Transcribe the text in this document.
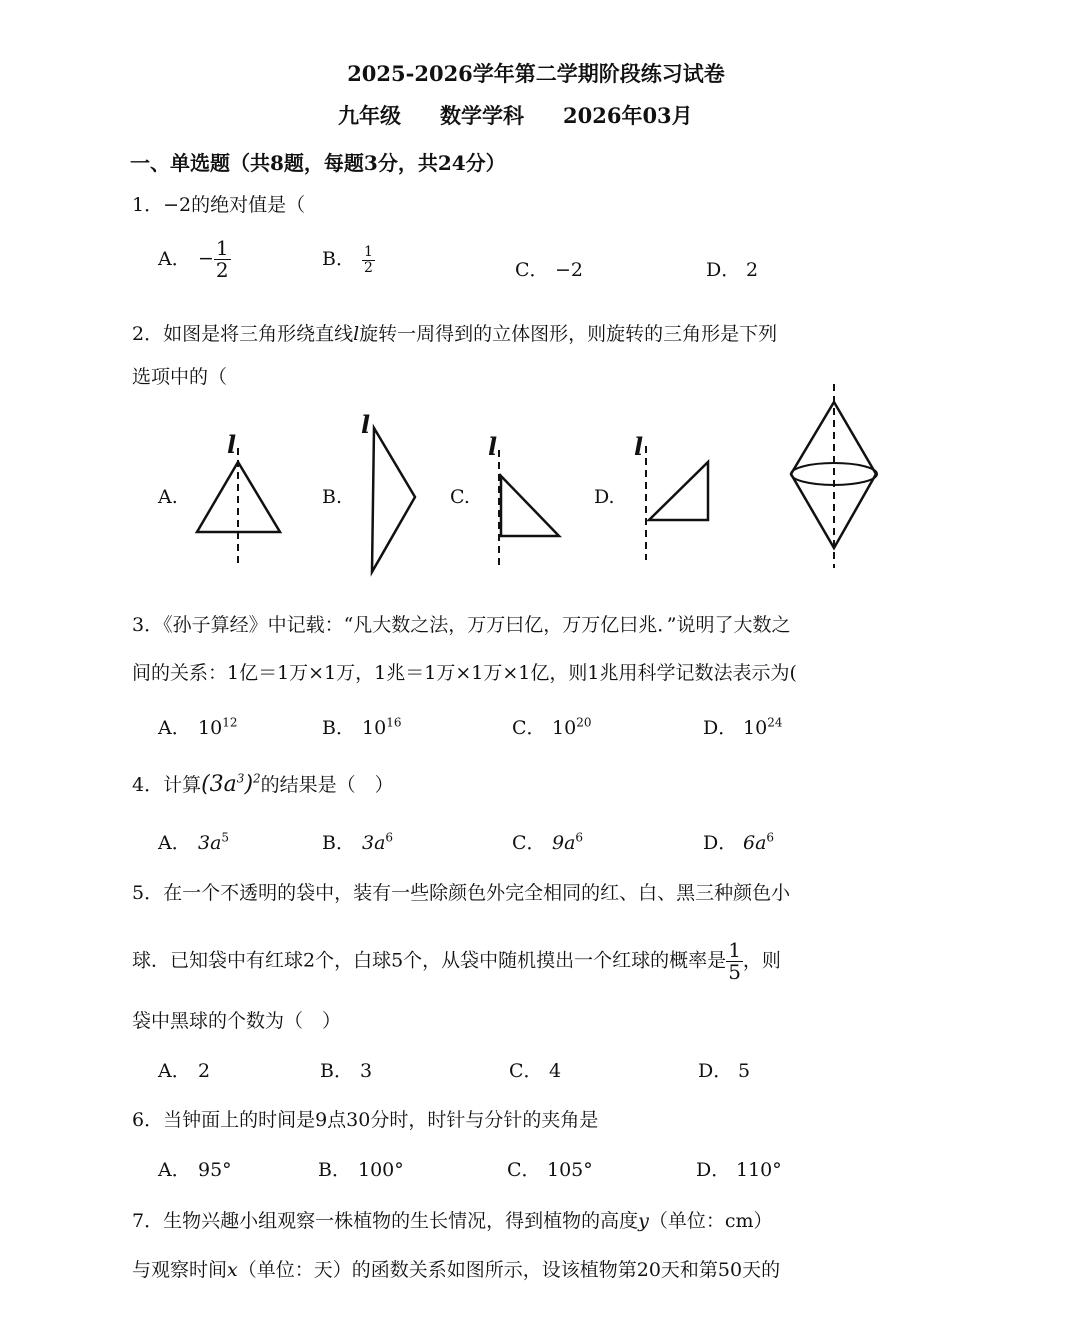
2025-2026学年第二学期阶段练习试卷
九年级 数学学科 2026年03月
一、单选题（共8题，每题3分，共24分）
1．−2的绝对值是（
A． − $\frac{1}{2}$	B． $\frac{1}{2}$	C． −2	D． 2
2．如图是将三角形绕直线l旋转一周得到的立体图形，则旋转的三角形是下列
选项中的（
A.	B.	C.	D.
l
l
l	l
3．《孙子算经》中记载：“凡大数之法，万万曰亿，万万亿曰兆．”说明了大数之
间的关系：1亿＝1万×1万，1兆＝1万×1万×1亿，则1兆用科学记数法表示为(
A． $10^{12}$	B． $10^{16}$	C． $10^{20}$	D． $10^{24}$
4．计算$(3a^3)^2$的结果是（　）
A． $3a^5$	B． $3a^6$	C． $9a^6$	D． $6a^6$
5．在一个不透明的袋中，装有一些除颜色外完全相同的红、白、黑三种颜色小
球．已知袋中有红球2个，白球5个，从袋中随机摸出一个红球的概率是 $\frac{1}{5}$ ，则
袋中黑球的个数为（　）
A． 2	B． 3	C． 4	D． 5
6．当钟面上的时间是9点30分时，时针与分针的夹角是
A． 95°	B． 100°	C． 105°	D． 110°
7．生物兴趣小组观察一株植物的生长情况，得到植物的高度y（单位：cm）
与观察时间x（单位：天）的函数关系如图所示，设该植物第20天和第50天的
